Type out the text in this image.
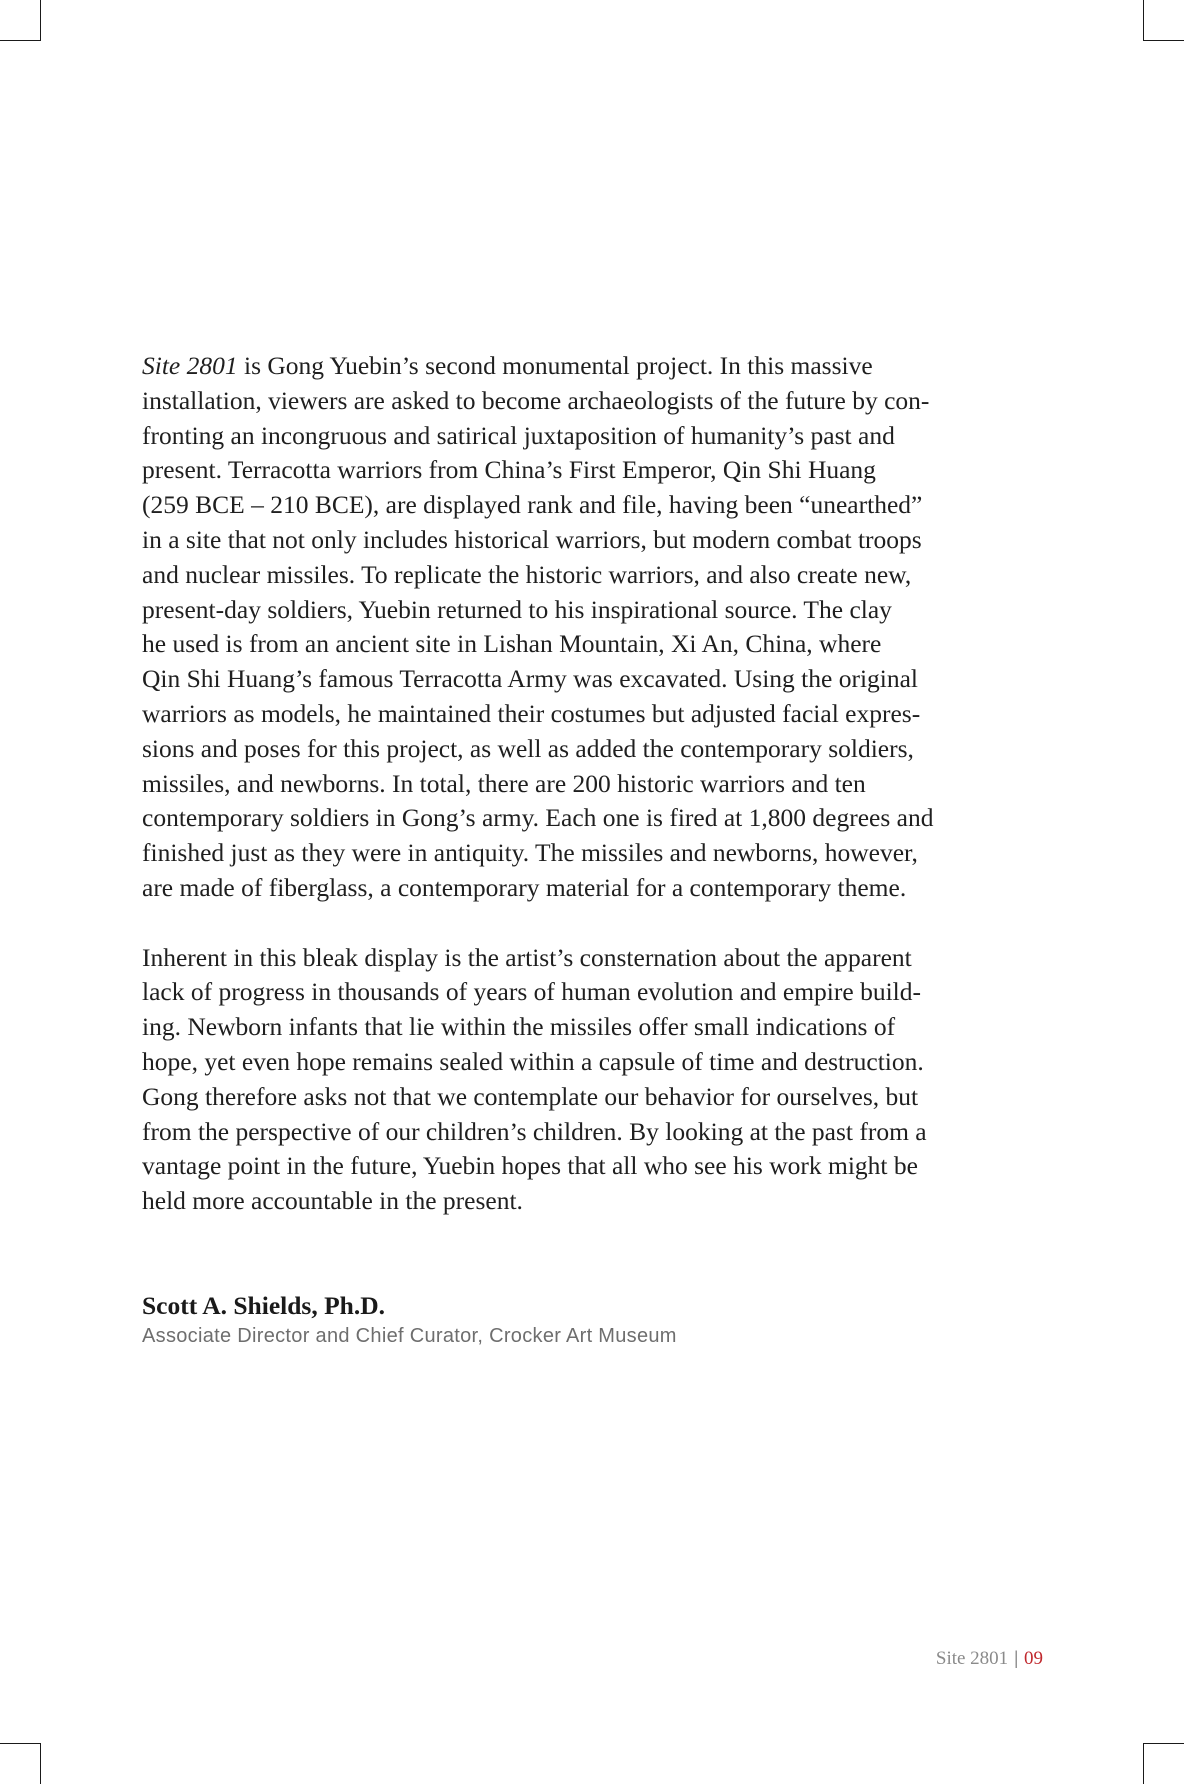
Site 2801 is Gong Yuebin’s second monumental project. In this massive
installation, viewers are asked to become archaeologists of the future by con-
fronting an incongruous and satirical juxtaposition of humanity’s past and
present. Terracotta warriors from China’s First Emperor, Qin Shi Huang
(259 BCE – 210 BCE), are displayed rank and file, having been “unearthed”
in a site that not only includes historical warriors, but modern combat troops
and nuclear missiles. To replicate the historic warriors, and also create new,
present-day soldiers, Yuebin returned to his inspirational source. The clay
he used is from an ancient site in Lishan Mountain, Xi An, China, where
Qin Shi Huang’s famous Terracotta Army was excavated. Using the original
warriors as models, he maintained their costumes but adjusted facial expres-
sions and poses for this project, as well as added the contemporary soldiers,
missiles, and newborns. In total, there are 200 historic warriors and ten
contemporary soldiers in Gong’s army. Each one is fired at 1,800 degrees and
finished just as they were in antiquity. The missiles and newborns, however,
are made of fiberglass, a contemporary material for a contemporary theme.

Inherent in this bleak display is the artist’s consternation about the apparent
lack of progress in thousands of years of human evolution and empire build-
ing. Newborn infants that lie within the missiles offer small indications of
hope, yet even hope remains sealed within a capsule of time and destruction.
Gong therefore asks not that we contemplate our behavior for ourselves, but
from the perspective of our children’s children. By looking at the past from a
vantage point in the future, Yuebin hopes that all who see his work might be
held more accountable in the present.

Scott A. Shields, Ph.D.
Associate Director and Chief Curator, Crocker Art Museum
Site 2801 | 09
